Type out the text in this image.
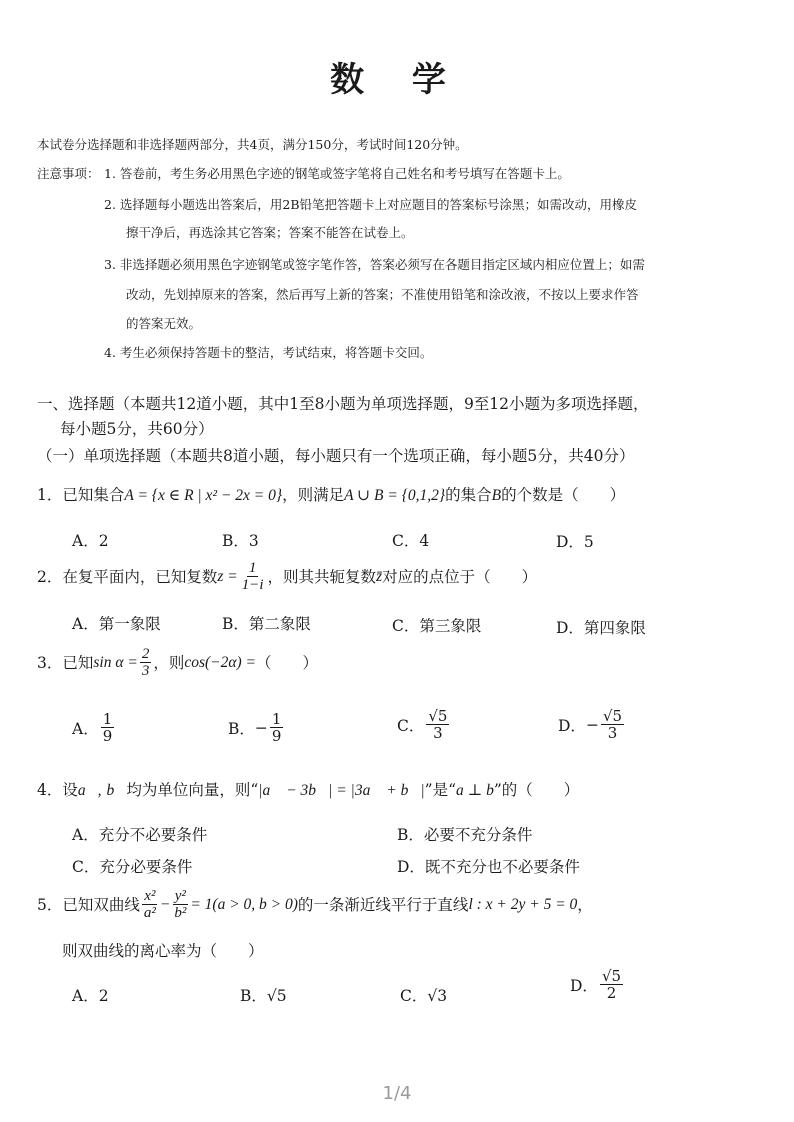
数 学
本试卷分选择题和非选择题两部分，共4页，满分150分，考试时间120分钟。
注意事项： 1. 答卷前，考生务必用黑色字迹的钢笔或签字笔将自己姓名和考号填写在答题卡上。
2. 选择题每小题选出答案后，用2B铅笔把答题卡上对应题目的答案标号涂黑；如需改动，用橡皮
擦干净后，再选涂其它答案；答案不能答在试卷上。
3. 非选择题必须用黑色字迹钢笔或签字笔作答，答案必须写在各题目指定区域内相应位置上；如需
改动，先划掉原来的答案，然后再写上新的答案；不准使用铅笔和涂改液，不按以上要求作答
的答案无效。
4. 考生必须保持答题卡的整洁，考试结束，将答题卡交回。
一、选择题（本题共12道小题，其中1至8小题为单项选择题，9至12小题为多项选择题，
每小题5分，共60分）
（一）单项选择题（本题共8道小题，每小题只有一个选项正确，每小题5分，共40分）
1．已知集合A = {x ∈ R | x² − 2x = 0}，则满足A ∪ B = {0,1,2}的集合B的个数是（　　）
A．2	B．3	C．4	D．5
2．在复平面内，已知复数 $z = \frac{1}{1-i}$ ，则其共轭复数 z̄ 对应的点位于（　　）
A．第一象限	B．第二象限	C．第三象限	D．第四象限
3．已知 $\sin \alpha = \frac{2}{3}$ ，则 cos(−2α) = （　　）
A． $\frac{1}{9}$	B． − $\frac{1}{9}$	C． $\frac{√5}{3}$	D． − $\frac{√5}{3}$
4．设a⃗, b⃗均为单位向量，则“|a⃗ − 3b⃗| = |3a⃗ + b⃗|”是“a ⊥ b”的（　　）
A．充分不必要条件	B．必要不充分条件
C．充分必要条件	D．既不充分也不必要条件
5．已知双曲线 $\frac{\text{x²}}{\text{a²}} - \frac{\text{y²}}{\text{b²}} = 1(a > 0$, b > 0) 的一条渐近线平行于直线 l : x + 2y + 5 = 0 ，
则双曲线的离心率为（　　）
A．2	B．√5	C．√3
D． $\frac{√5}{2}$
1/4
